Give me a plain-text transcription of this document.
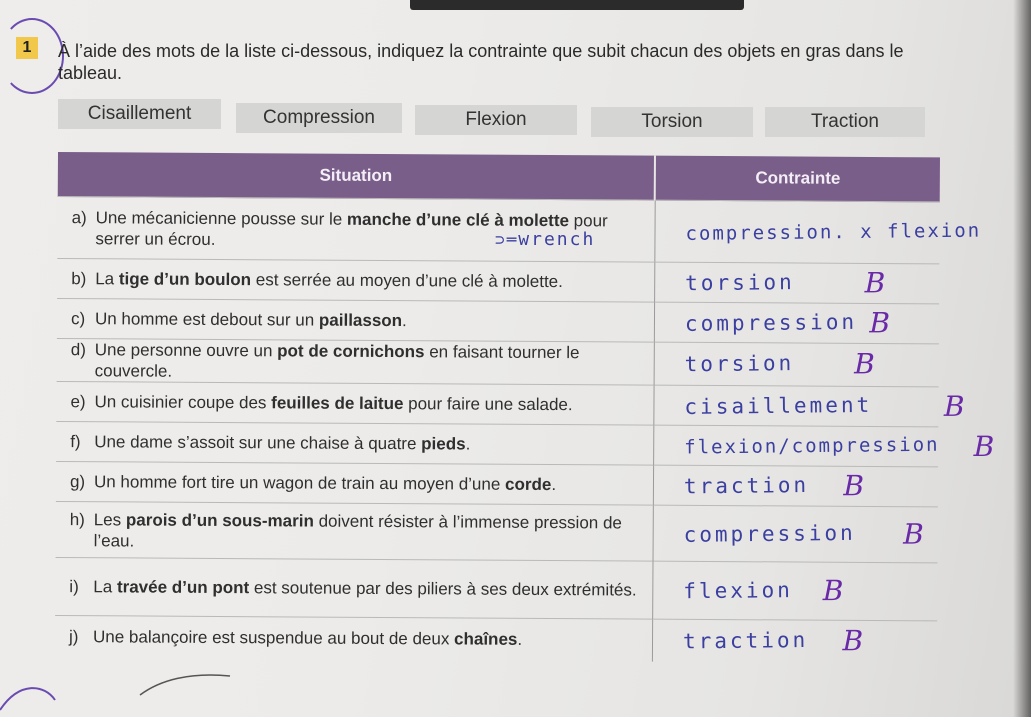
1	À l’aide des mots de la liste ci-dessous, indiquez la contrainte que subit chacun des objets en gras dans le tableau.
Cisaillement	Compression	Flexion	Torsion	Traction
Situation	Contrainte

a) Une mécanicienne pousse sur le manche d’une clé à molette pour serrer un écrou.	compression. x flexion

b) La tige d’un boulon est serrée au moyen d’une clé à molette.	torsion B

c) Un homme est debout sur un paillasson.	compression B

d) Une personne ouvre un pot de cornichons en faisant tourner le couvercle.	torsion B

e) Un cuisinier coupe des feuilles de laitue pour faire une salade.	cisaillement B

f) Une dame s’assoit sur une chaise à quatre pieds.	flexion/compression B

g) Un homme fort tire un wagon de train au moyen d’une corde.	traction B

h) Les parois d’un sous-marin doivent résister à l’immense pression de l’eau.	compression B

i) La travée d’un pont est soutenue par des piliers à ses deux extrémités.	flexion B

j) Une balançoire est suspendue au bout de deux chaînes.	traction B
⊃═wrench
